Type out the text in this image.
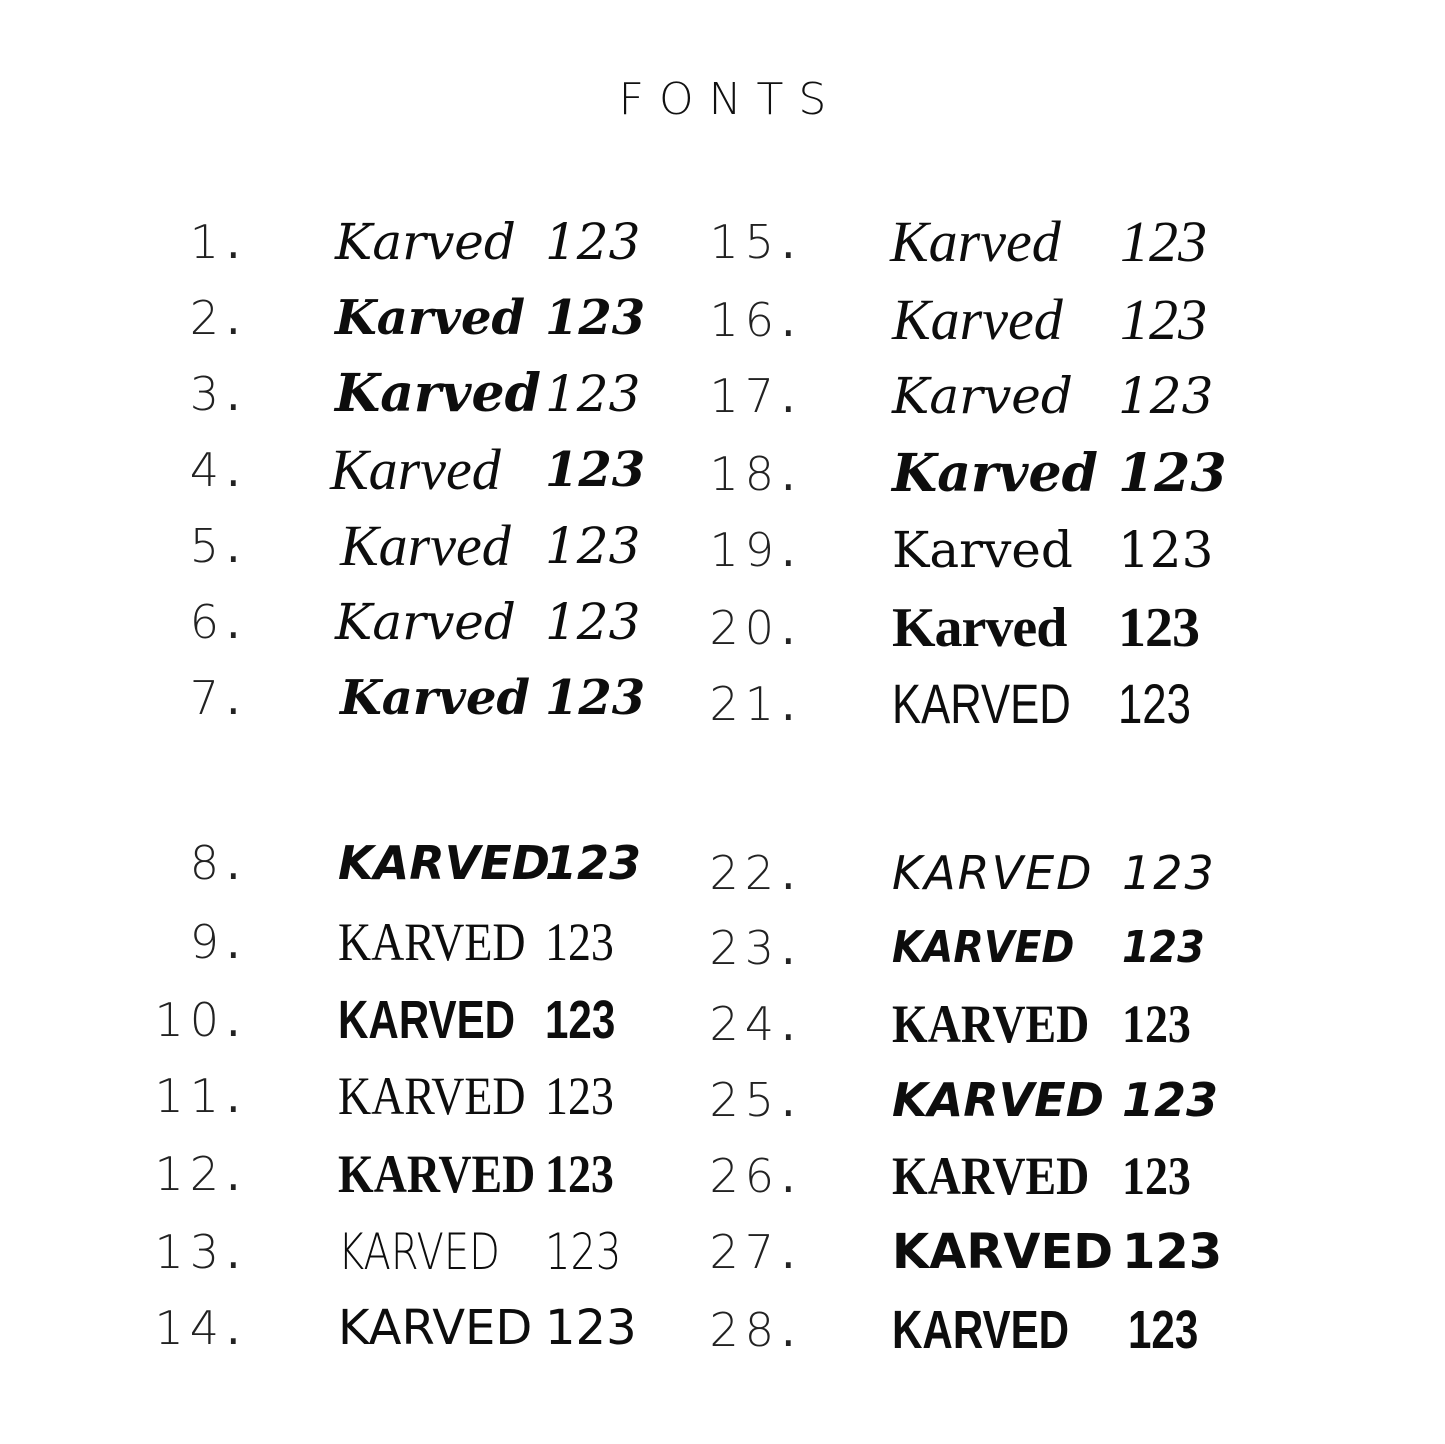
FONTS
1 . Karved 123
2 . Karved 123
3 . Karved 123
4 . Karved 123
5 . Karved 123
6 . Karved 123
7 . Karved 123
8 . KARVED
123
9 . KARVED 123
10 . KARVED 123
11 . KARVED 123
12 . KARVED 123
13 . KARVED 123
14 . KARVED 123
15 . Karved 123
16 . Karved 123
17 . Karved 123
18 . Karved 123
19 . Karved 123
20 . Karved 123
21 . KARVED 123
22 . KARVED 123
23 . KARVED 123
24 . KARVED 123
25 . KARVED 123
26 . KARVED 123
27 . KARVED 123
28 . KARVED 123
